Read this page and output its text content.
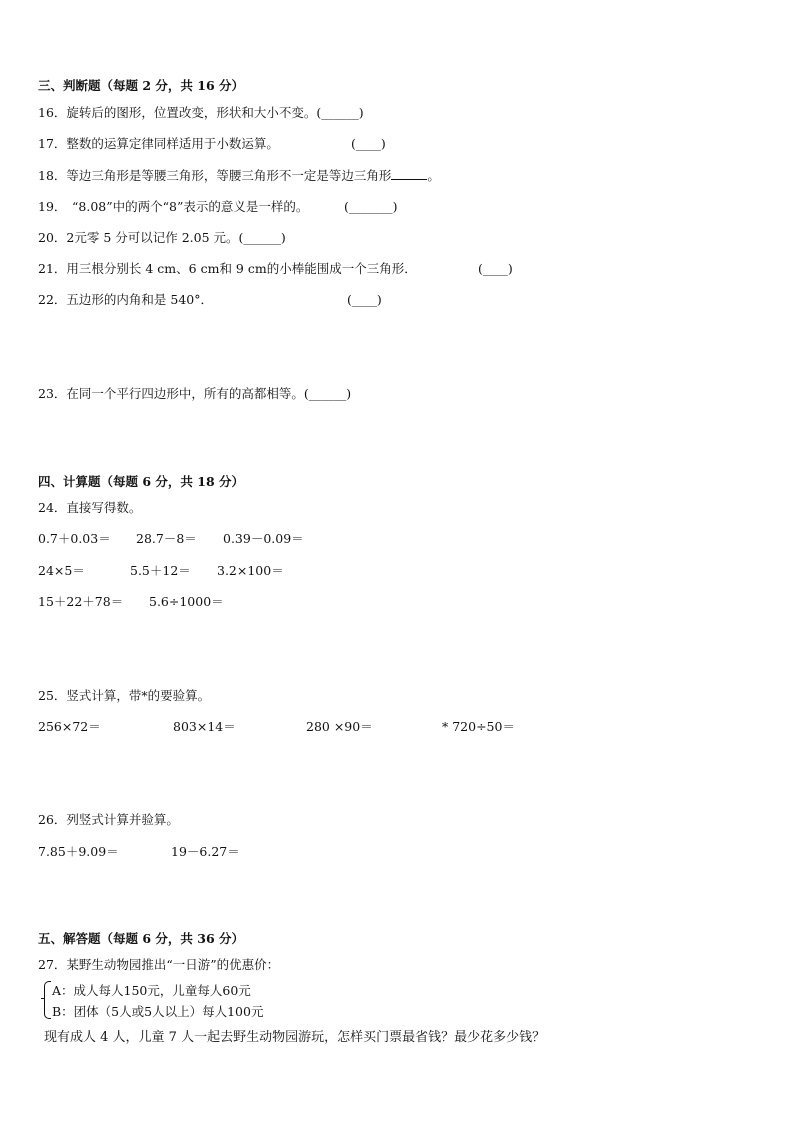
三、判断题（每题 2 分，共 16 分）
16．旋转后的图形，位置改变，形状和大小不变。(______)
17．整数的运算定律同样适用于小数运算。	(____)
18．等边三角形是等腰三角形，等腰三角形不一定是等边三角形	。
19． “8.08”中的两个“8”表示的意义是一样的。	(_______)
20．2元零 5 分可以记作 2.05 元。(______)
21．用三根分别长 4 cm、6 cm和 9 cm的小棒能围成一个三角形．	(____)
22．五边形的内角和是 540°．	(____)
23．在同一个平行四边形中，所有的高都相等。(______)
四、计算题（每题 6 分，共 18 分）
24．直接写得数。
0.7＋0.03＝ 28.7－8＝ 0.39－0.09＝
24×5＝	5.5＋12＝ 3.2×100＝
15＋22＋78＝ 5.6÷1000＝
25．竖式计算，带*的要验算。
256×72＝	803×14＝	280 ×90＝	* 720÷50＝
26．列竖式计算并验算。
7.85＋9.09＝	19－6.27＝
五、解答题（每题 6 分，共 36 分）
27．某野生动物园推出“一日游”的优惠价：
A：成人每人150元，儿童每人60元
B：团体（5人或5人以上）每人100元
现有成人 4 人，儿童 7 人一起去野生动物园游玩，怎样买门票最省钱？最少花多少钱？
